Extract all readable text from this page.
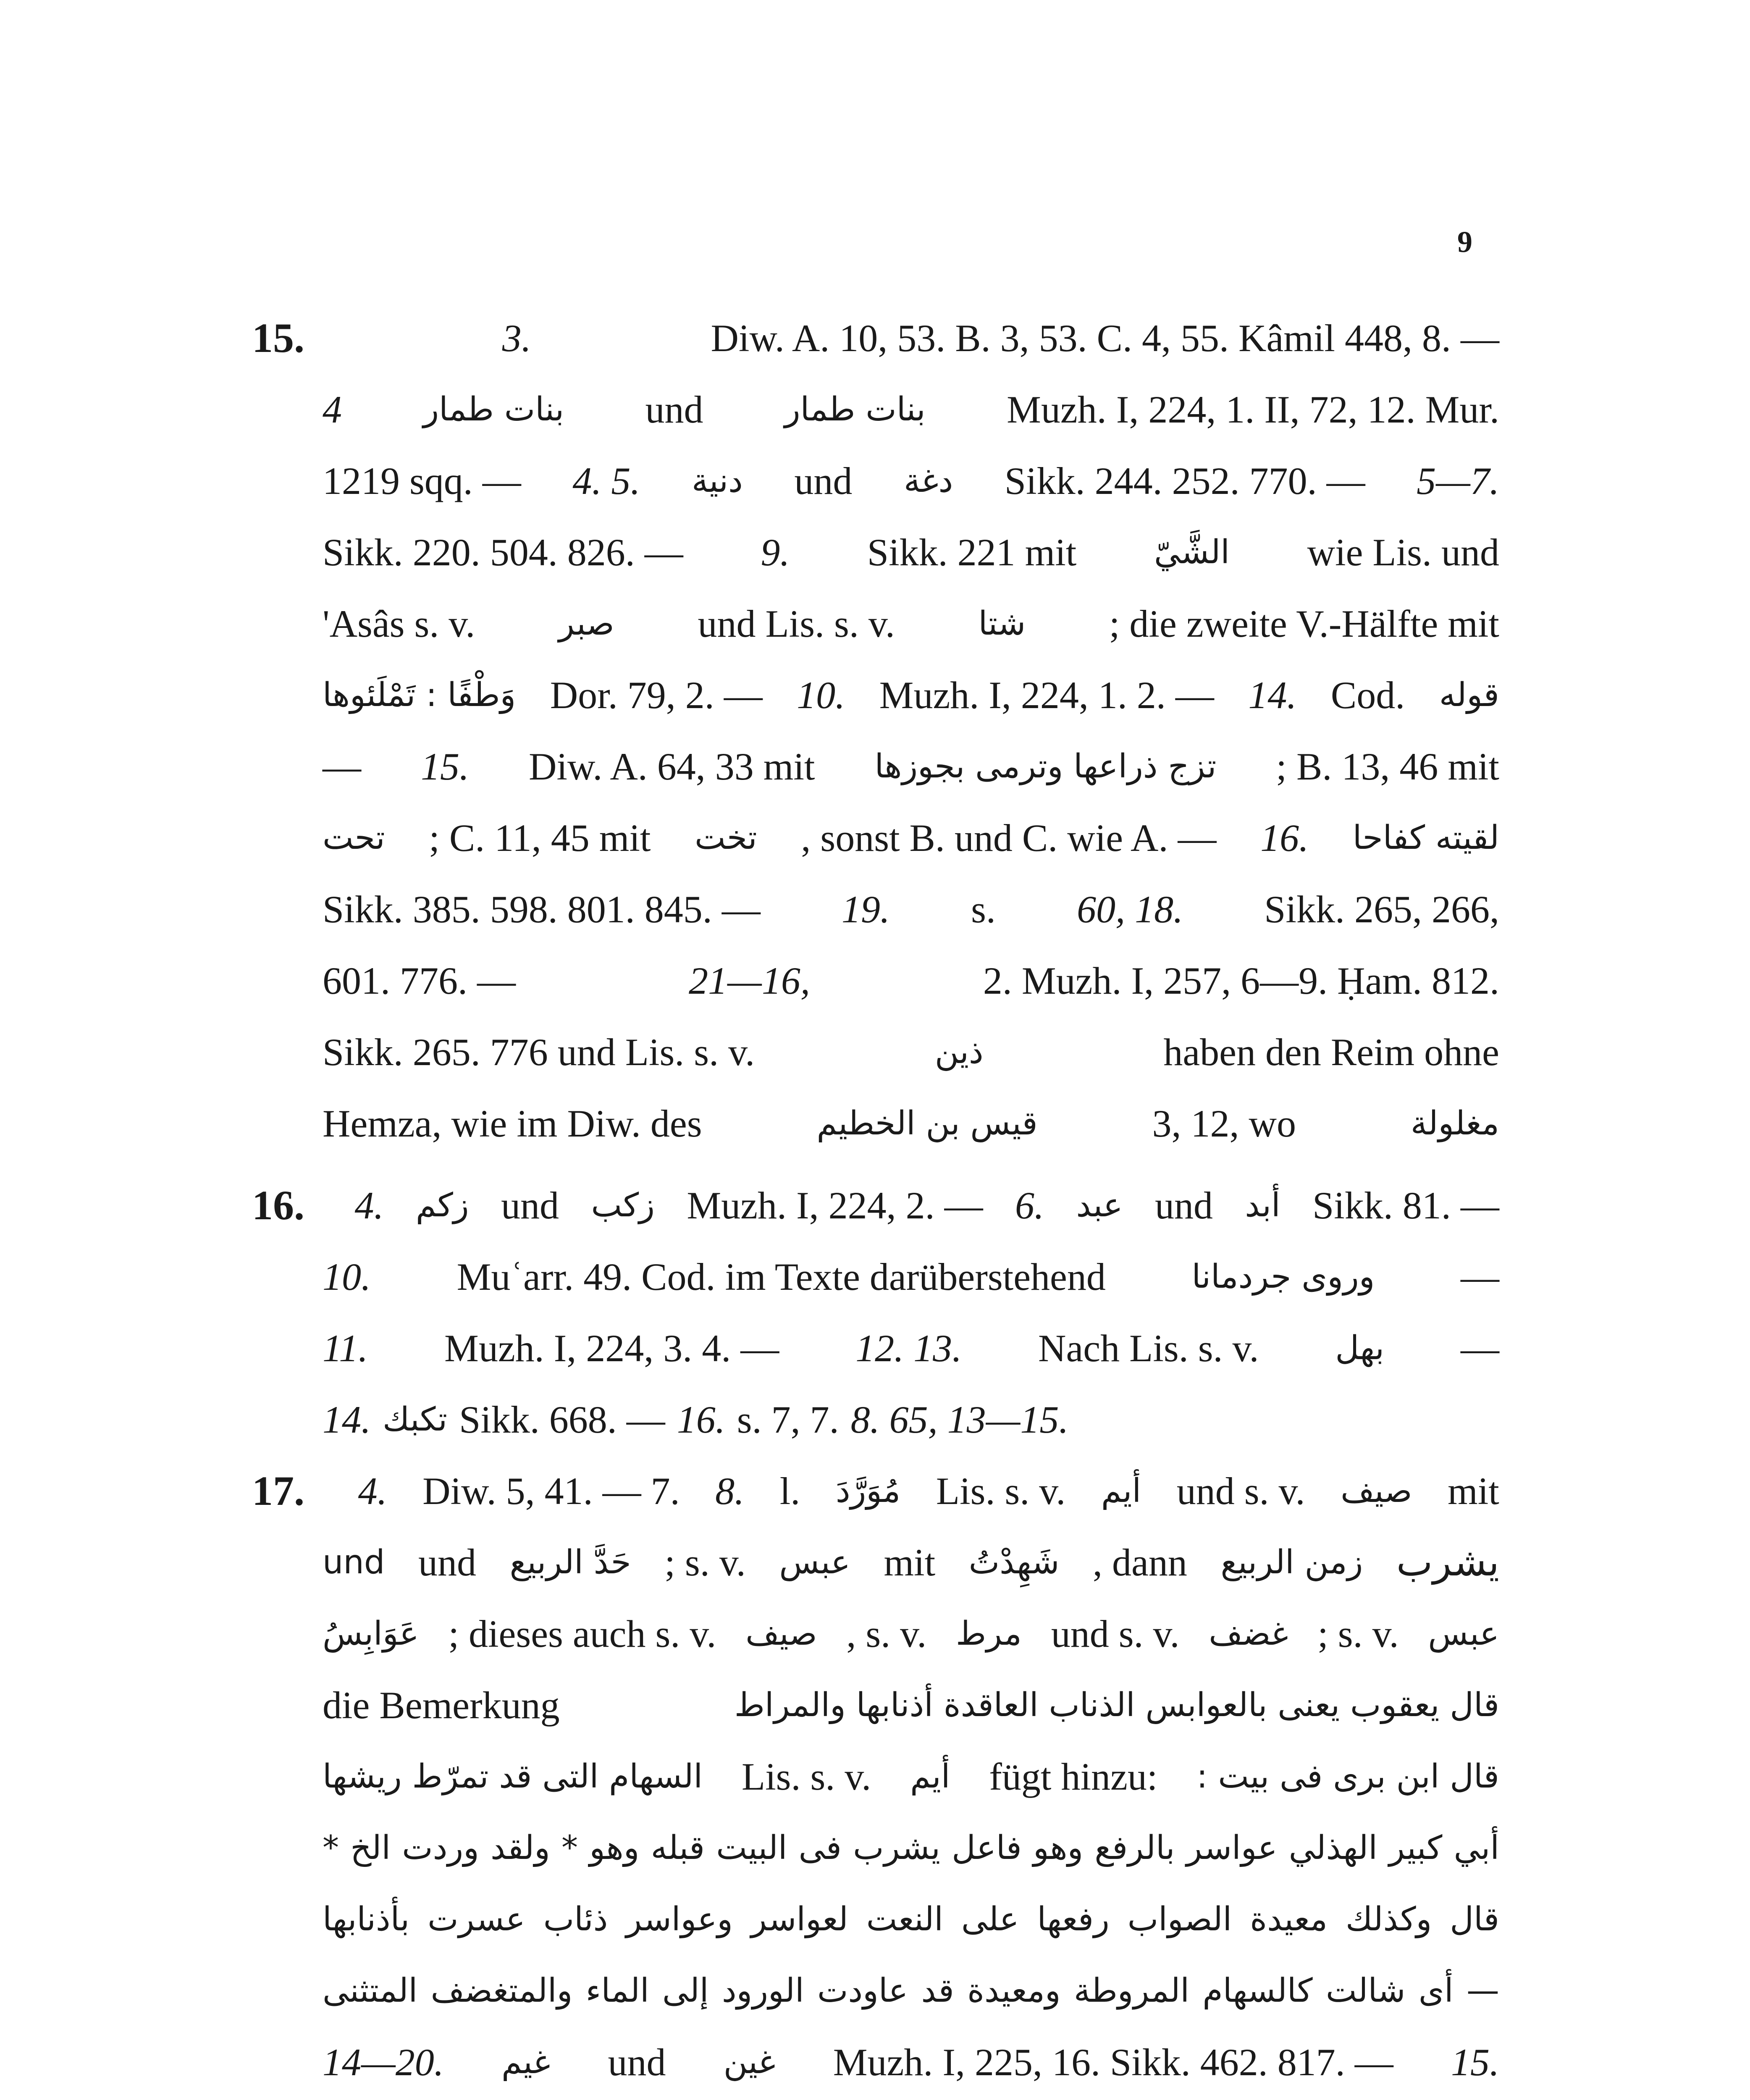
9
15.	3.	Diw. A. 10, 53. B. 3, 53. C. 4, 55. Kâmil 448, 8. —
4 بنات طمار und بنات طمار Muzh. I, 224, 1. II, 72, 12. Mur.
1219 sqq. — 4. 5. دنية und دغة Sikk. 244. 252. 770. — 5—7.
Sikk. 220. 504. 826. — 9. Sikk. 221 mit الشَّيّ wie Lis. und
'Asâs s. v.	صبر und Lis. s. v.	شتا ; die zweite V.-Hälfte mit
وَطْفًا : تَمْلَئوها Dor. 79, 2. — 10. Muzh. I, 224, 1. 2. — 14. Cod. قوله
— 15. Diw. A. 64, 33 mit تزج ذراعها وترمى بجوزها ; B. 13, 46 mit
تحت ; C. 11, 45 mit تخت , sonst B. und C. wie A. — 16. لقيته كفاحا
Sikk. 385. 598. 801. 845. — 19. s. 60, 18. Sikk. 265, 266,
601. 776. —	21—16,	2. Muzh. I, 257, 6—9. Ḥam. 812.
Sikk. 265. 776 und Lis. s. v.	ذين	haben den Reim ohne
Hemza, wie im Diw. des	قيس بن الخطيم	3, 12, wo	مغلولة
16.	4. زكم und زكب Muzh. I, 224, 2. — 6. عبد und أبد Sikk. 81. —
10. Muʿarr. 49. Cod. im Texte darüberstehend	وروى جردمانا —
11. Muzh. I, 224, 3. 4. — 12. 13. Nach Lis. s. v. بهل —
14. تكبك Sikk. 668. — 16. s. 7, 7. 8. 65, 13—15.
17.	4. Diw. 5, 41. — 7. 8. l. مُوَرَّدَ Lis. s. v. أيم und s. v. صيف mit
und und حَدَّ الربيع ; s. v. عبس mit شَهِدْتُ , dann زمن الربيع يشرب
عَوَابِسُ ; dieses auch s. v. صيف , s. v. مرط und s. v. غضف ; s. v. عبس
die Bemerkung	قال يعقوب يعنى بالعوابس الذناب العاقدة أذنابها والمراط
السهام التى قد تمرّط ريشها Lis. s. v. أيم fügt hinzu: قال ابن برى فى بيت :
أبي كبير الهذلي عواسر بالرفع وهو فاعل يشرب فى البيت قبله وهو * ولقد وردت الخ *
قال وكذلك معيدة الصواب رفعها على النعت لعواسر وعواسر ذئاب عسرت بأذنابها
— أى شالت كالسهام المروطة ومعيدة قد عاودت الورود إلى الماء والمتغضف المتثنى
14—20. غيم und غين Muzh. I, 225, 16. Sikk. 462. 817. — 15.
